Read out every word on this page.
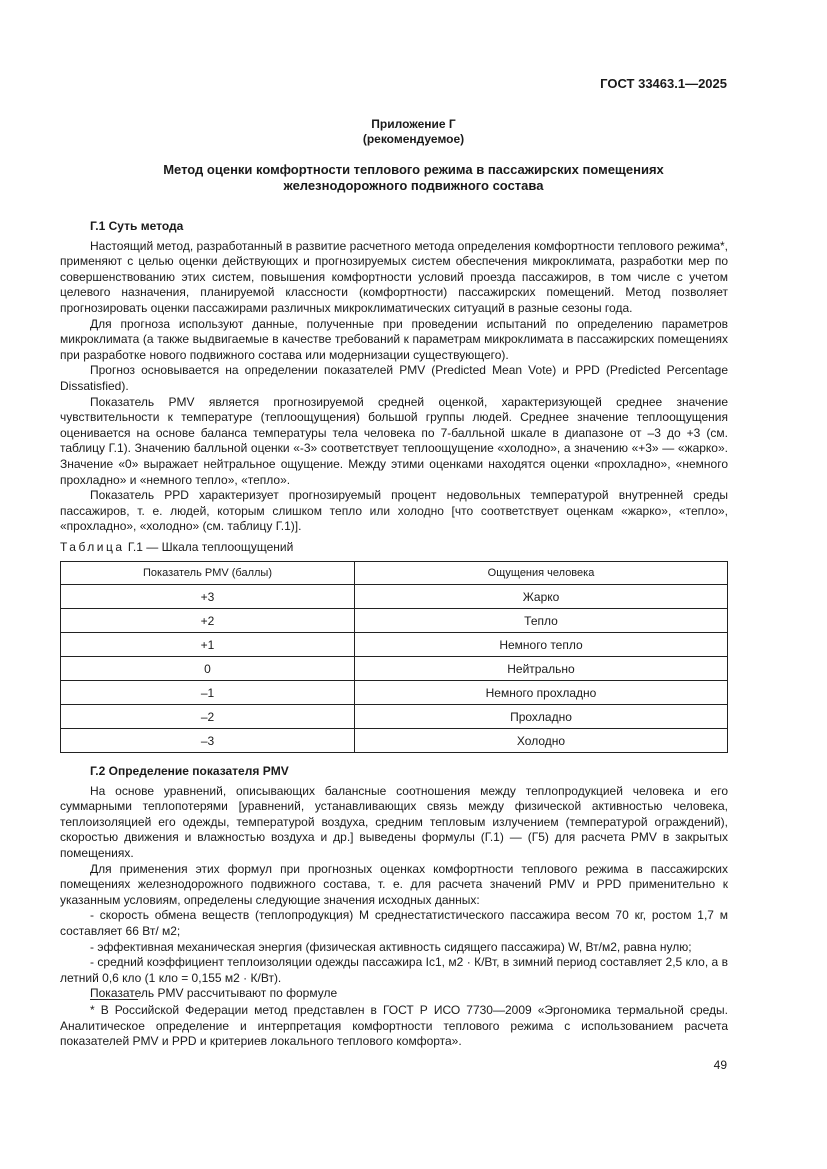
ГОСТ 33463.1—2025
Приложение Г
(рекомендуемое)
Метод оценки комфортности теплового режима в пассажирских помещениях
железнодорожного подвижного состава
Г.1 Суть метода

Настоящий метод, разработанный в развитие расчетного метода определения комфортности теплового режима*, применяют с целью оценки действующих и прогнозируемых систем обеспечения микроклимата, разработки мер по совершенствованию этих систем, повышения комфортности условий проезда пассажиров, в том числе с учетом целевого назначения, планируемой классности (комфортности) пассажирских помещений. Метод позволяет прогнозировать оценки пассажирами различных микроклиматических ситуаций в разные сезоны года.

Для прогноза используют данные, полученные при проведении испытаний по определению параметров микроклимата (а также выдвигаемые в качестве требований к параметрам микроклимата в пассажирских помещениях при разработке нового подвижного состава или модернизации существующего).

Прогноз основывается на определении показателей PMV (Predicted Mean Vote) и PPD (Predicted Percentage Dissatisfied).

Показатель PMV является прогнозируемой средней оценкой, характеризующей среднее значение чувствительности к температуре (теплоощущения) большой группы людей. Среднее значение теплоощущения оценивается на основе баланса температуры тела человека по 7-балльной шкале в диапазоне от –3 до +3 (см. таблицу Г.1). Значению балльной оценки «-3» соответствует теплоощущение «холодно», а значению «+3» — «жарко». Значение «0» выражает нейтральное ощущение. Между этими оценками находятся оценки «прохладно», «немного прохладно» и «немного тепло», «тепло».

Показатель PPD характеризует прогнозируемый процент недовольных температурой внутренней среды пассажиров, т. е. людей, которым слишком тепло или холодно [что соответствует оценкам «жарко», «тепло», «прохладно», «холодно» (см. таблицу Г.1)].

Таблица Г.1 — Шкала теплоощущений
Показатель PMV (баллы)	Ощущения человека
+3	Жарко
+2	Тепло
+1	Немного тепло
0	Нейтрально
–1	Немного прохладно
–2	Прохладно
–3	Холодно
Г.2 Определение показателя PMV

На основе уравнений, описывающих балансные соотношения между теплопродукцией человека и его суммарными теплопотерями [уравнений, устанавливающих связь между физической активностью человека, теплоизоляцией его одежды, температурой воздуха, средним тепловым излучением (температурой ограждений), скоростью движения и влажностью воздуха и др.] выведены формулы (Г.1) — (Г5) для расчета PMV в закрытых помещениях.

Для применения этих формул при прогнозных оценках комфортности теплового режима в пассажирских помещениях железнодорожного подвижного состава, т. е. для расчета значений PMV и PPD применительно к указанным условиям, определены следующие значения исходных данных:

- скорость обмена веществ (теплопродукция) M среднестатистического пассажира весом 70 кг, ростом 1,7 м составляет 66 Вт/ м2;

- эффективная механическая энергия (физическая активность сидящего пассажира) W, Вт/м2, равна нулю;

- средний коэффициент теплоизоляции одежды пассажира Ic1, м2 · К/Вт, в зимний период составляет 2,5 кло, а в летний 0,6 кло (1 кло = 0,155 м2 · К/Вт).

Показатель PMV рассчитывают по формуле

* В Российской Федерации метод представлен в ГОСТ Р ИСО 7730—2009 «Эргономика термальной среды. Аналитическое определение и интерпретация комфортности теплового режима с использованием расчета показателей PMV и PPD и критериев локального теплового комфорта».
49
